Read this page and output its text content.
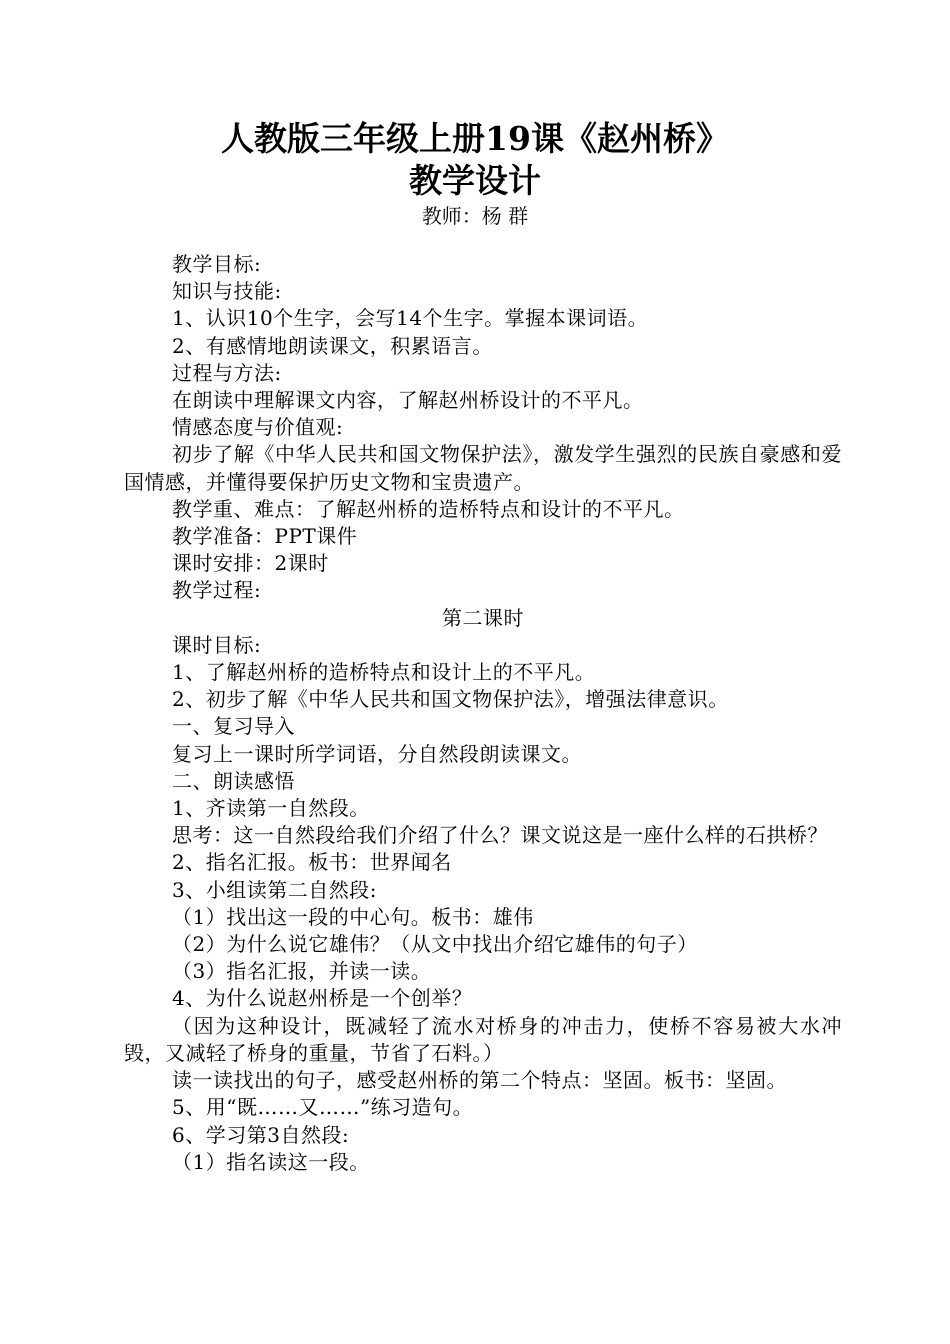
人教版三年级上册19课《赵州桥》
教学设计
教师：杨 群

教学目标:

知识与技能:

1、认识10个生字，会写14个生字。掌握本课词语。

2、有感情地朗读课文，积累语言。

过程与方法:

在朗读中理解课文内容，了解赵州桥设计的不平凡。

情感态度与价值观:

初步了解《中华人民共和国文物保护法》，激发学生强烈的民族自豪感和爱国情感，并懂得要保护历史文物和宝贵遗产。

教学重、难点：了解赵州桥的造桥特点和设计的不平凡。

教学准备：PPT课件

课时安排：2课时

教学过程:

第二课时

课时目标:

1、了解赵州桥的造桥特点和设计上的不平凡。

2、初步了解《中华人民共和国文物保护法》，增强法律意识。

一、复习导入

复习上一课时所学词语，分自然段朗读课文。

二、朗读感悟

1、齐读第一自然段。

思考：这一自然段给我们介绍了什么？课文说这是一座什么样的石拱桥？

2、指名汇报。板书：世界闻名

3、小组读第二自然段:

（1）找出这一段的中心句。板书：雄伟

（2）为什么说它雄伟？（从文中找出介绍它雄伟的句子）

（3）指名汇报，并读一读。

4、为什么说赵州桥是一个创举？

（因为这种设计，既减轻了流水对桥身的冲击力，使桥不容易被大水冲毁，又减轻了桥身的重量，节省了石料。）

读一读找出的句子，感受赵州桥的第二个特点：坚固。板书：坚固。

5、用“既……又……”练习造句。

6、学习第3自然段:

（1）指名读这一段。
